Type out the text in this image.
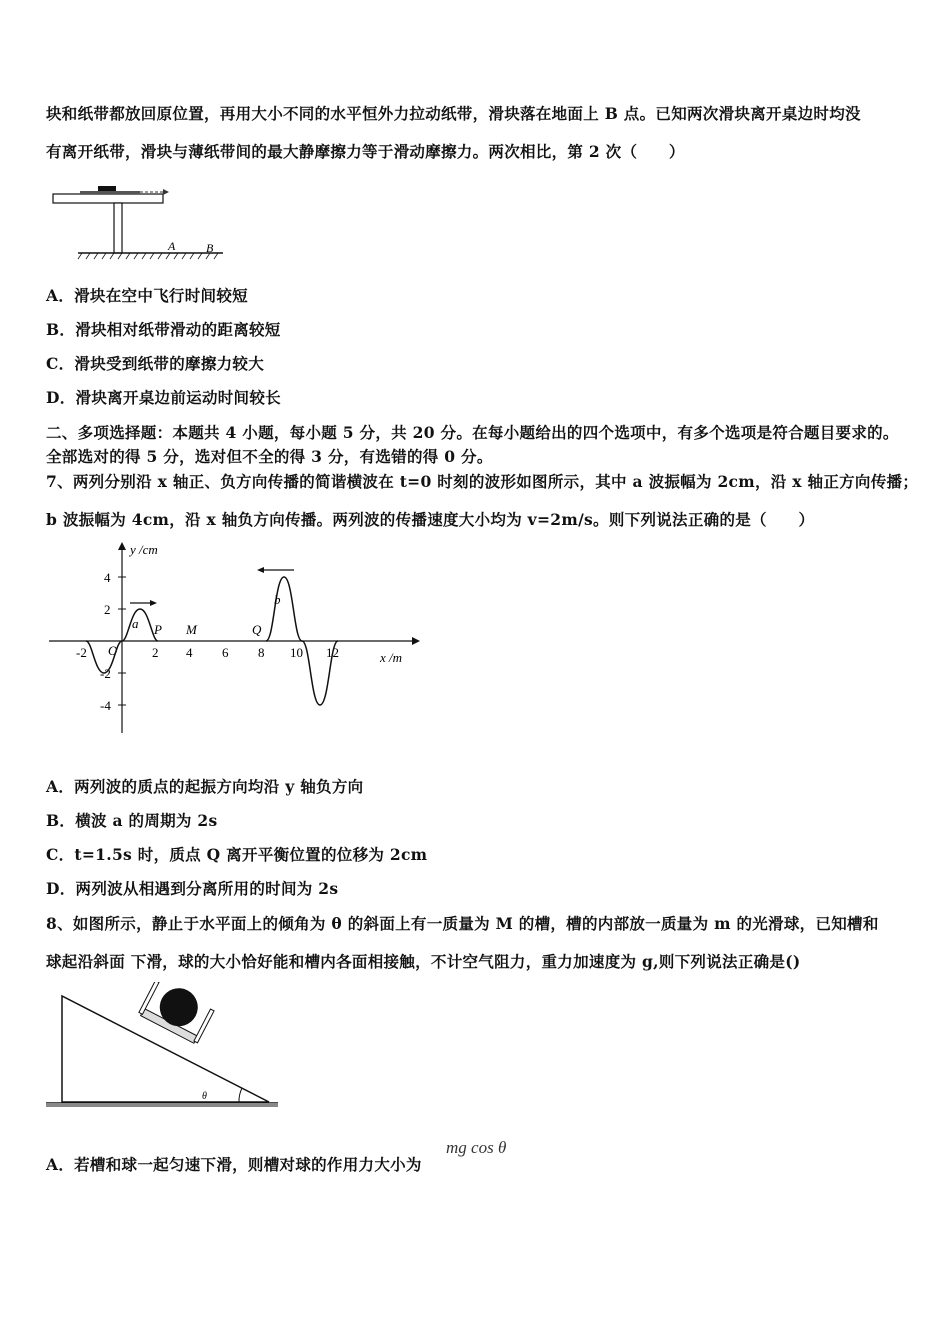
块和纸带都放回原位置，再用大小不同的水平恒外力拉动纸带，滑块落在地面上 B 点。已知两次滑块离开桌边时均没
有离开纸带，滑块与薄纸带间的最大静摩擦力等于滑动摩擦力。两次相比，第 2 次（　　）
A	B
A．滑块在空中飞行时间较短
B．滑块相对纸带滑动的距离较短
C．滑块受到纸带的摩擦力较大
D．滑块离开桌边前运动时间较长
二、多项选择题：本题共 4 小题，每小题 5 分，共 20 分。在每小题给出的四个选项中，有多个选项是符合题目要求的。
全部选对的得 5 分，选对但不全的得 3 分，有选错的得 0 分。
7、两列分别沿 x 轴正、负方向传播的简谐横波在 t=0 时刻的波形如图所示，其中 a 波振幅为 2cm，沿 x 轴正方向传播；
b 波振幅为 4cm，沿 x 轴负方向传播。两列波的传播速度大小均为 v=2m/s。则下列说法正确的是（　　）
y /cm
x /m
O
4
2
-2
-4
-2	2 4 6 8 10 12
a
b
P M	Q
A．两列波的质点的起振方向均沿 y 轴负方向
B．横波 a 的周期为 2s
C．t=1.5s 时，质点 Q 离开平衡位置的位移为 2cm
D．两列波从相遇到分离所用的时间为 2s
8、如图所示，静止于水平面上的倾角为 θ 的斜面上有一质量为 M 的槽，槽的内部放一质量为 m 的光滑球，已知槽和
球起沿斜面 下滑，球的大小恰好能和槽内各面相接触，不计空气阻力，重力加速度为 g,则下列说法正确是()
θ
A．若槽和球一起匀速下滑，则槽对球的作用力大小为
mg cos θ
